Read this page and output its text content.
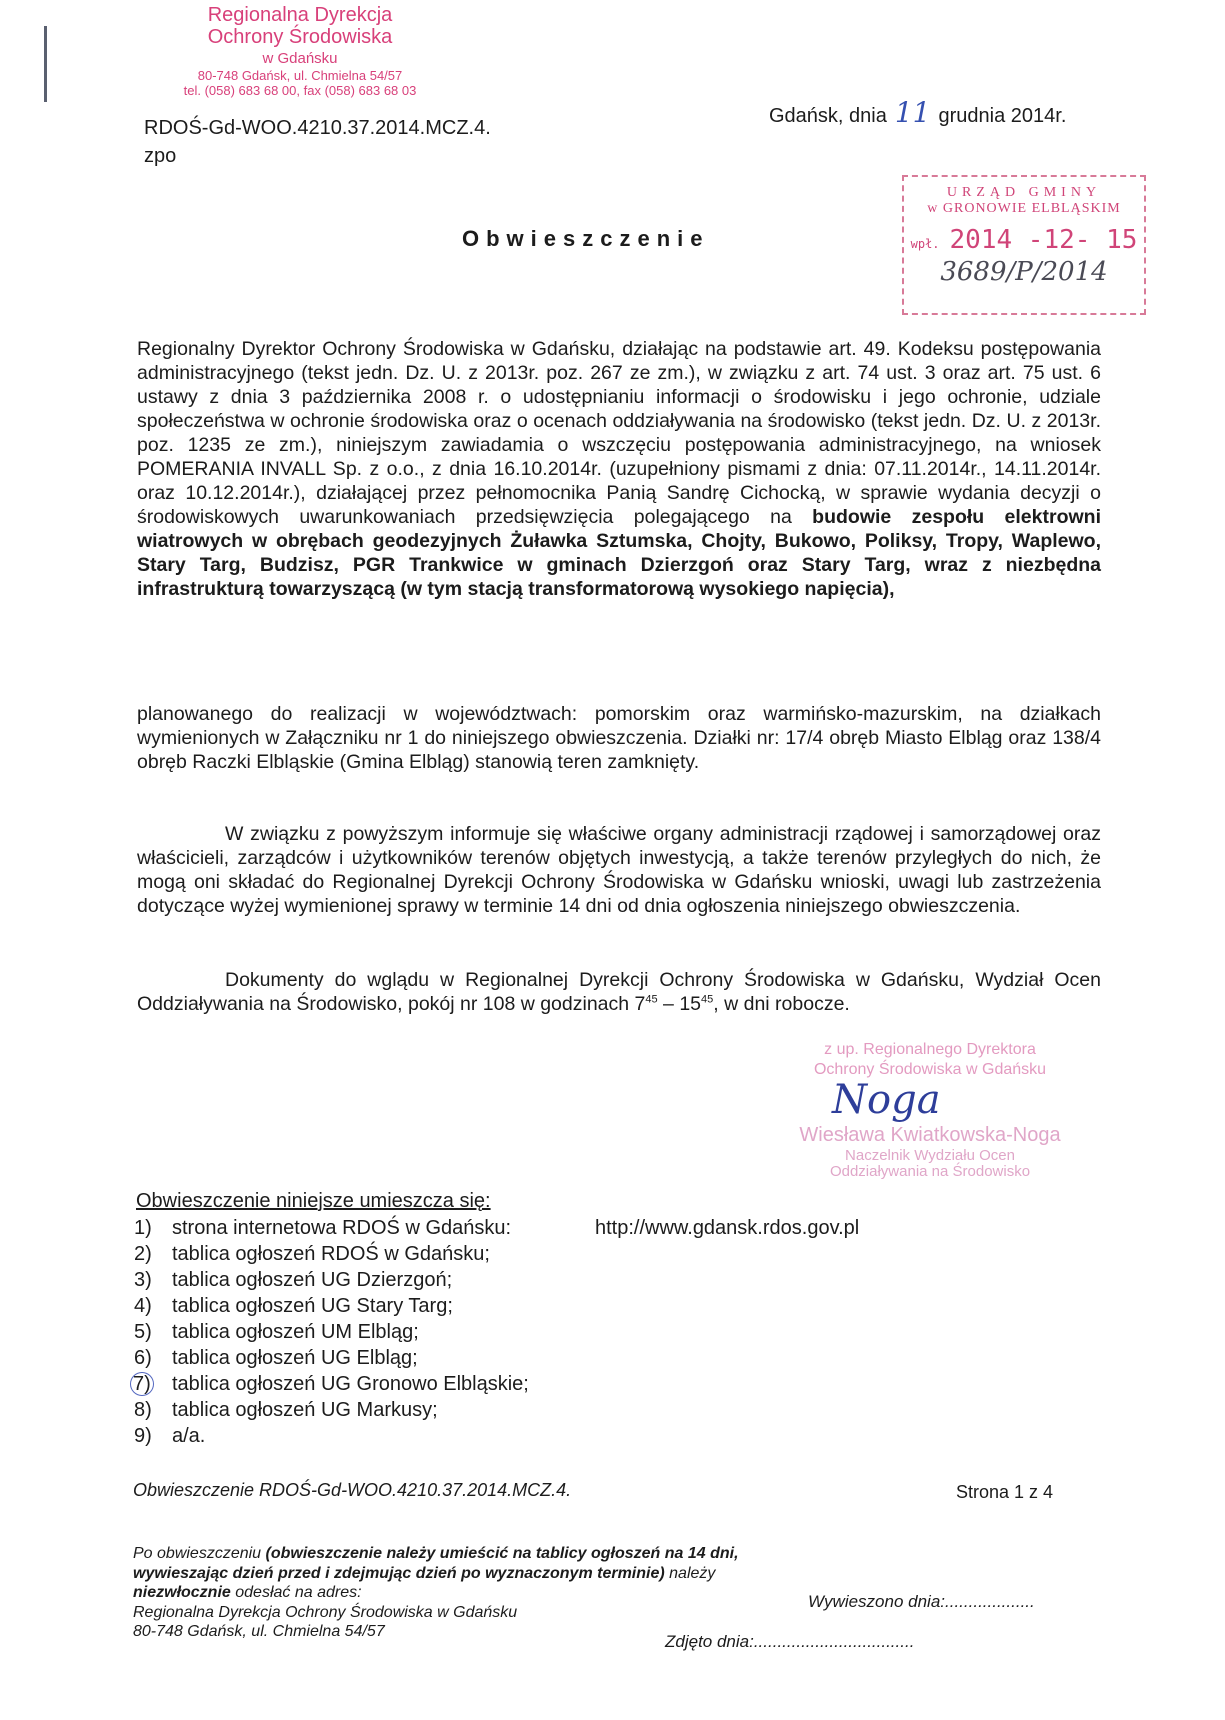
Regionalna Dyrekcja
Ochrony Środowiska
w Gdańsku
80-748 Gdańsk, ul. Chmielna 54/57
tel. (058) 683 68 00, fax (058) 683 68 03
RDOŚ-Gd-WOO.4210.37.2014.MCZ.4.
zpo
Gdańsk, dnia 11 grudnia 2014r.
URZĄD GMINY
w GRONOWIE ELBLĄSKIM
wpł. 2014 -12- 15
3689/P/2014
Obwieszczenie
Regionalny Dyrektor Ochrony Środowiska w Gdańsku, działając na podstawie art. 49. Kodeksu postępowania administracyjnego (tekst jedn. Dz. U. z 2013r. poz. 267 ze zm.), w związku z art. 74 ust. 3 oraz art. 75 ust. 6 ustawy z dnia 3 października 2008 r. o udostępnianiu informacji o środowisku i jego ochronie, udziale społeczeństwa w ochronie środowiska oraz o ocenach oddziaływania na środowisko (tekst jedn. Dz. U. z 2013r. poz. 1235 ze zm.), niniejszym zawiadamia o wszczęciu postępowania administracyjnego, na wniosek POMERANIA INVALL Sp. z o.o., z dnia 16.10.2014r. (uzupełniony pismami z dnia: 07.11.2014r., 14.11.2014r. oraz 10.12.2014r.), działającej przez pełnomocnika Panią Sandrę Cichocką, w sprawie wydania decyzji o środowiskowych uwarunkowaniach przedsięwzięcia polegającego na budowie zespołu elektrowni wiatrowych w obrębach geodezyjnych Żuławka Sztumska, Chojty, Bukowo, Poliksy, Tropy, Waplewo, Stary Targ, Budzisz, PGR Trankwice w gminach Dzierzgoń oraz Stary Targ, wraz z niezbędna infrastrukturą towarzyszącą (w tym stacją transformatorową wysokiego napięcia),
planowanego do realizacji w województwach: pomorskim oraz warmińsko-mazurskim, na działkach wymienionych w Załączniku nr 1 do niniejszego obwieszczenia. Działki nr: 17/4 obręb Miasto Elbląg oraz 138/4 obręb Raczki Elbląskie (Gmina Elbląg) stanowią teren zamknięty.
W związku z powyższym informuje się właściwe organy administracji rządowej i samorządowej oraz właścicieli, zarządców i użytkowników terenów objętych inwestycją, a także terenów przyległych do nich, że mogą oni składać do Regionalnej Dyrekcji Ochrony Środowiska w Gdańsku wnioski, uwagi lub zastrzeżenia dotyczące wyżej wymienionej sprawy w terminie 14 dni od dnia ogłoszenia niniejszego obwieszczenia.
Dokumenty do wglądu w Regionalnej Dyrekcji Ochrony Środowiska w Gdańsku, Wydział Ocen Oddziaływania na Środowisko, pokój nr 108 w godzinach $7^{45} - 15^{45}$, w dni robocze.
z up. Regionalnego Dyrektora
Ochrony Środowiska w Gdańsku
Noga
Wiesława Kwiatkowska-Noga
Naczelnik Wydziału Ocen
Oddziaływania na Środowisko
Obwieszczenie niniejsze umieszcza się:
1) strona internetowa RDOŚ w Gdańsku:
2) tablica ogłoszeń RDOŚ w Gdańsku;
3) tablica ogłoszeń UG Dzierzgoń;
4) tablica ogłoszeń UG Stary Targ;
5) tablica ogłoszeń UM Elbląg;
6) tablica ogłoszeń UG Elbląg;
7) tablica ogłoszeń UG Gronowo Elbląskie;
8) tablica ogłoszeń UG Markusy;
9) a/a.
http://www.gdansk.rdos.gov.pl
Obwieszczenie RDOŚ-Gd-WOO.4210.37.2014.MCZ.4.	Strona 1 z 4
Po obwieszczeniu (obwieszczenie należy umieścić na tablicy ogłoszeń na 14 dni, wywieszając dzień przed i zdejmując dzień po wyznaczonym terminie) należy niezwłocznie odesłać na adres:
Regionalna Dyrekcja Ochrony Środowiska w Gdańsku
80-748 Gdańsk, ul. Chmielna 54/57
Wywieszono dnia:...................
Zdjęto dnia:..................................
